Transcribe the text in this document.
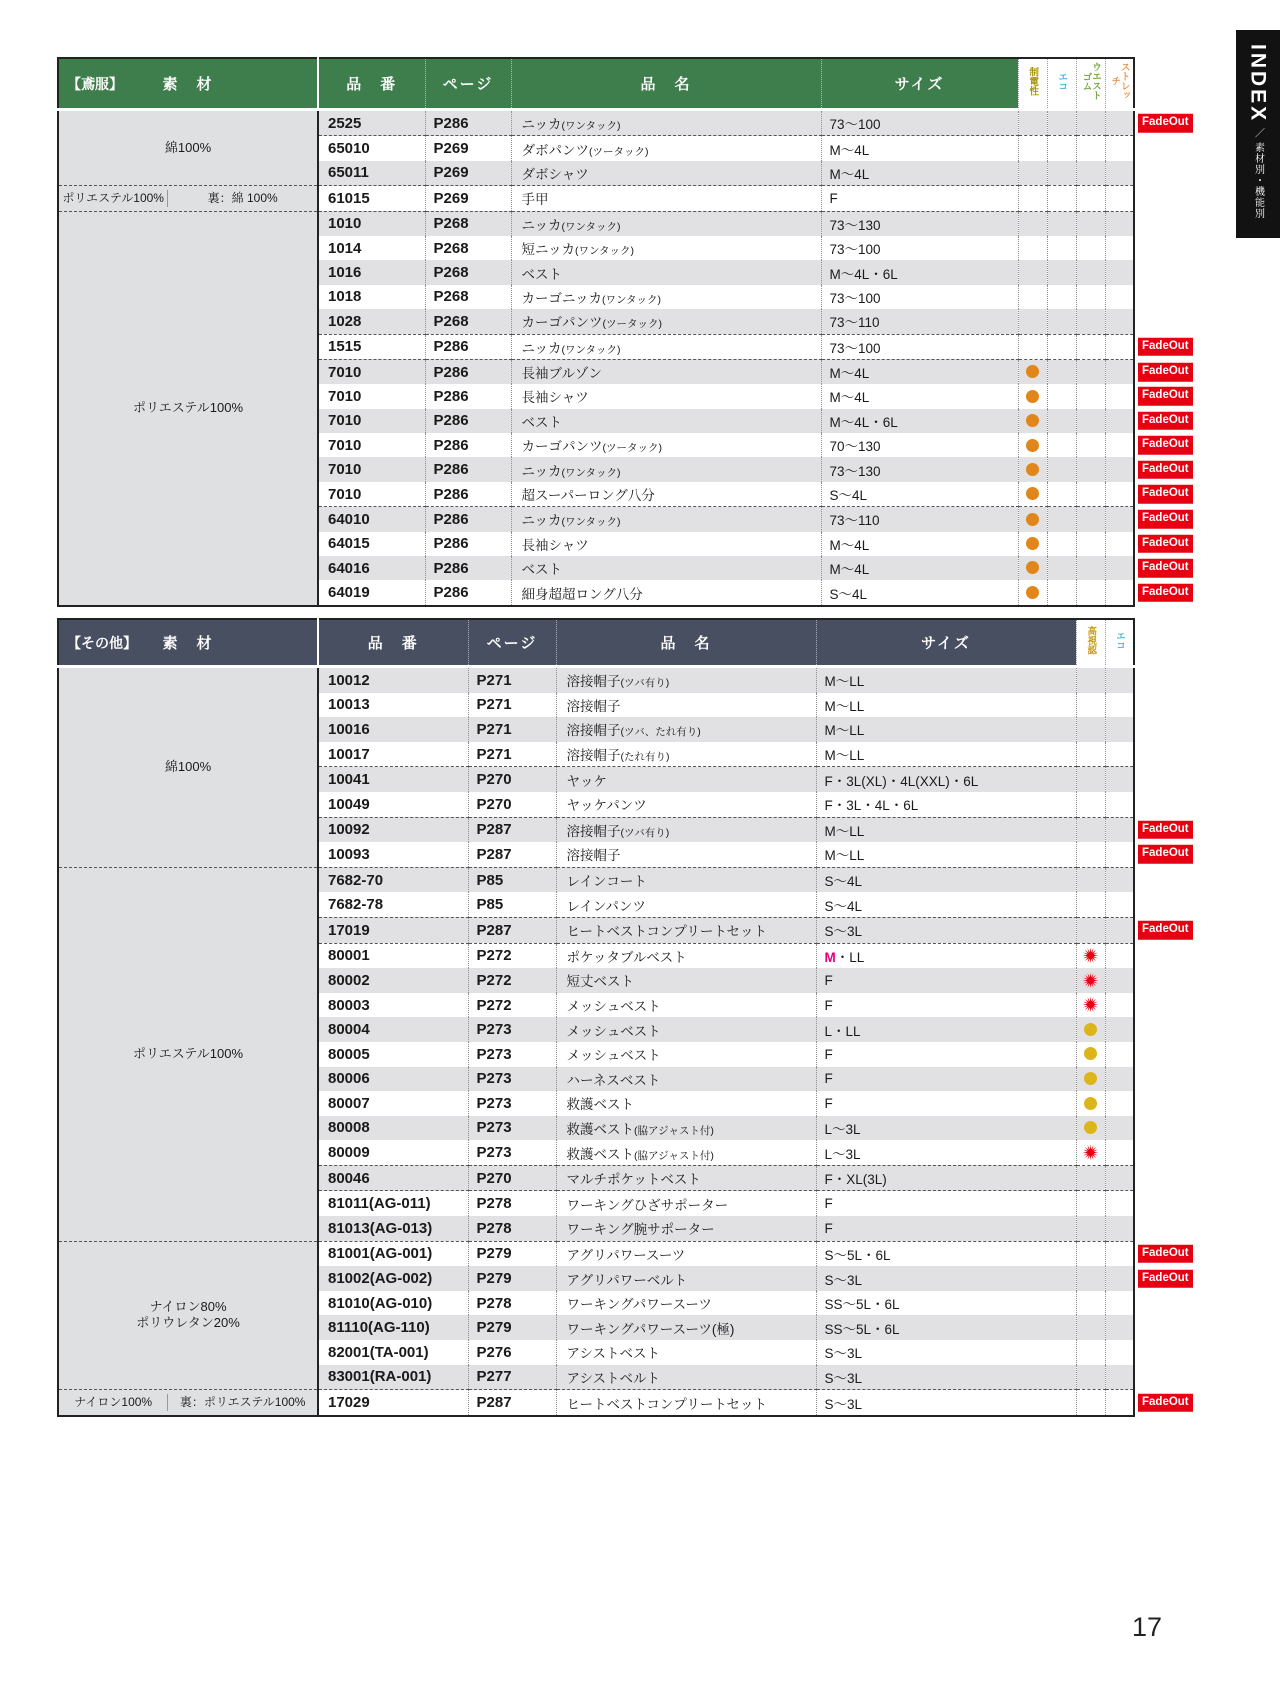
【鳶服】 素　材	品　番	ページ	品　名	サイズ	制電性	エコ	ウエストゴム	ストレッチ
綿100%	2525	P286	ニッカ(ワンタック)	73〜100				FadeOut

	65010	P269	ダボパンツ(ツータック)	M〜4L				
	65011	P269	ダボシャツ	M〜4L				
ポリエステル100% 裏：綿 100%	61015	P269	手甲	F				
ポリエステル100%	1010	P268	ニッカ(ワンタック)	73〜130				
	1014	P268	短ニッカ(ワンタック)	73〜100				
	1016	P268	ベスト	M〜4L・6L				
	1018	P268	カーゴニッカ(ワンタック)	73〜100				
	1028	P268	カーゴパンツ(ツータック)	73〜110				
	1515	P286	ニッカ(ワンタック)	73〜100				FadeOut

	7010	P286	長袖ブルゾン	M〜4L				FadeOut

	7010	P286	長袖シャツ	M〜4L				FadeOut

	7010	P286	ベスト	M〜4L・6L				FadeOut

	7010	P286	カーゴパンツ(ツータック)	70〜130				FadeOut

	7010	P286	ニッカ(ワンタック)	73〜130				FadeOut

	7010	P286	超スーパーロング八分	S〜4L				FadeOut

	64010	P286	ニッカ(ワンタック)	73〜110				FadeOut

	64015	P286	長袖シャツ	M〜4L				FadeOut

	64016	P286	ベスト	M〜4L				FadeOut

	64019	P286	細身超超ロング八分	S〜4L				FadeOut
【その他】 素　材	品　番	ページ	品　名	サイズ	高視認	エコ
綿100%	10012	P271	溶接帽子(ツバ有り)	M〜LL		
	10013	P271	溶接帽子	M〜LL		
	10016	P271	溶接帽子(ツバ、たれ有り)	M〜LL		
	10017	P271	溶接帽子(たれ有り)	M〜LL		
	10041	P270	ヤッケ	F・3L(XL)・4L(XXL)・6L		
	10049	P270	ヤッケパンツ	F・3L・4L・6L		
	10092	P287	溶接帽子(ツバ有り)	M〜LL		FadeOut

	10093	P287	溶接帽子	M〜LL		FadeOut

ポリエステル100%	7682-70	P85	レインコート	S〜4L		
	7682-78	P85	レインパンツ	S〜4L		
	17019	P287	ヒートベストコンプリートセット	S〜3L		FadeOut

	80001	P272	ポケッタブルベスト	M・LL		
	80002	P272	短丈ベスト	F		
	80003	P272	メッシュベスト	F		
	80004	P273	メッシュベスト	L・LL		
	80005	P273	メッシュベスト	F		
	80006	P273	ハーネスベスト	F		
	80007	P273	救護ベスト	F		
	80008	P273	救護ベスト(脇アジャスト付)	L〜3L		
	80009	P273	救護ベスト(脇アジャスト付)	L〜3L		
	80046	P270	マルチポケットベスト	F・XL(3L)		
	81011(AG-011)	P278	ワーキングひざサポーター	F		
	81013(AG-013)	P278	ワーキング腕サポーター	F		

ナイロン80%
ポリウレタン20%	81001(AG-001)	P279	アグリパワースーツ	S〜5L・6L		FadeOut

	81002(AG-002)	P279	アグリパワーベルト	S〜3L		FadeOut

	81010(AG-010)	P278	ワーキングパワースーツ	SS〜5L・6L		
	81110(AG-110)	P279	ワーキングパワースーツ(極)	SS〜5L・6L		
	82001(TA-001)	P276	アシストベスト	S〜3L		
	83001(RA-001)	P277	アシストベルト	S〜3L		
ナイロン100% 裏：ポリエステル100%	17029	P287	ヒートベストコンプリートセット	S〜3L		FadeOut
INDEX ／ 素材別・機能別
17
